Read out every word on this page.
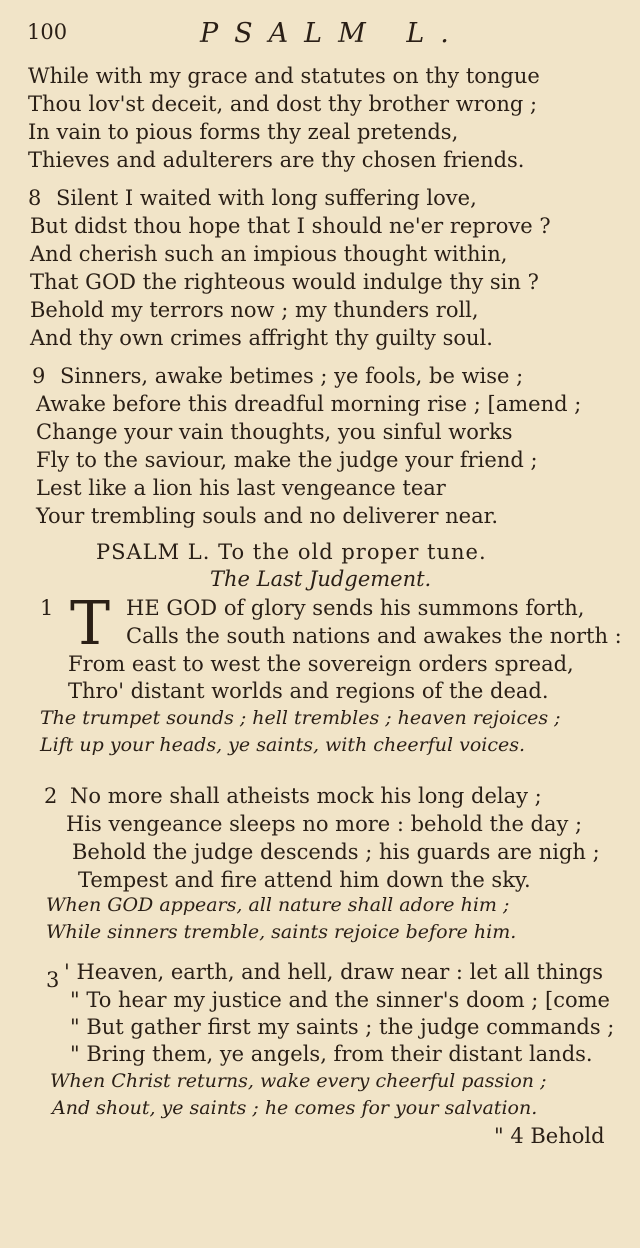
100	PSALM L.
While with my grace and statutes on thy tongue
Thou lov'st deceit, and dost thy brother wrong ;
In vain to pious forms thy zeal pretends,
Thieves and adulterers are thy chosen friends.
8 Silent I waited with long suffering love,
But didst thou hope that I should ne'er reprove ?
And cherish such an impious thought within,
That GOD the righteous would indulge thy sin ?
Behold my terrors now ; my thunders roll,
And thy own crimes affright thy guilty soul.
9 Sinners, awake betimes ; ye fools, be wise ;
Awake before this dreadful morning rise ; [amend ;
Change your vain thoughts, you sinful works
Fly to the saviour, make the judge your friend ;
Lest like a lion his last vengeance tear
Your trembling souls and no deliverer near.
PSALM L. To the old proper tune.
The Last Judgement.
1 T HE GOD of glory sends his summons forth,
Calls the south nations and awakes the north :
From east to west the sovereign orders spread,
Thro' distant worlds and regions of the dead.
The trumpet sounds ; hell trembles ; heaven rejoices ;
Lift up your heads, ye saints, with cheerful voices.
2 No more shall atheists mock his long delay ;
His vengeance sleeps no more : behold the day ;
Behold the judge descends ; his guards are nigh ;
Tempest and fire attend him down the sky.
When GOD appears, all nature shall adore him ;
While sinners tremble, saints rejoice before him.
3 ' Heaven, earth, and hell, draw near : let all things
" To hear my justice and the sinner's doom ; [come
" But gather first my saints ; the judge commands ;
" Bring them, ye angels, from their distant lands.
When Christ returns, wake every cheerful passion ;
And shout, ye saints ; he comes for your salvation.
" 4 Behold
